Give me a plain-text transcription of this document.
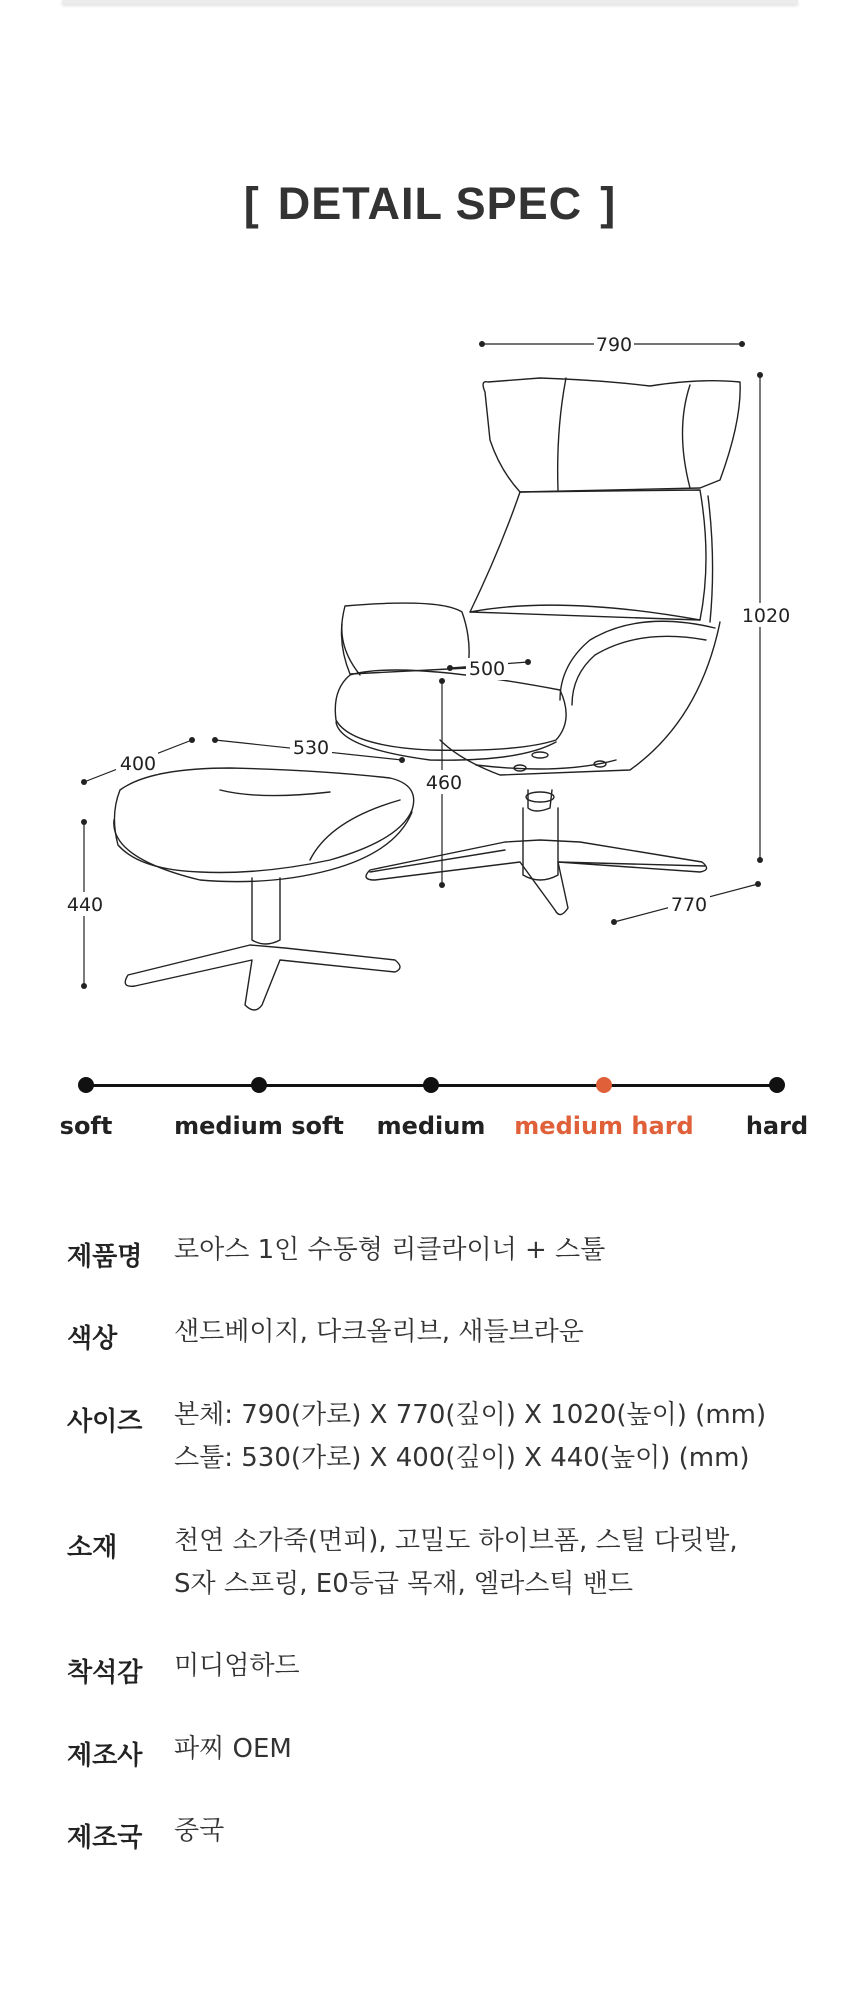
[ DETAIL SPEC ]
790
1020
500
460
770
530
400
440
soft	medium soft	medium	medium hard	hard
제품명 로아스 1인 수동형 리클라이너 + 스툴
색상 샌드베이지, 다크올리브, 새들브라운
사이즈 본체: 790(가로) X 770(깊이) X 1020(높이) (mm)
스툴: 530(가로) X 400(깊이) X 440(높이) (mm)
소재 천연 소가죽(면피), 고밀도 하이브폼, 스틸 다릿발,
S자 스프링, E0등급 목재, 엘라스틱 밴드
착석감 미디엄하드
제조사 파찌 OEM
제조국 중국
